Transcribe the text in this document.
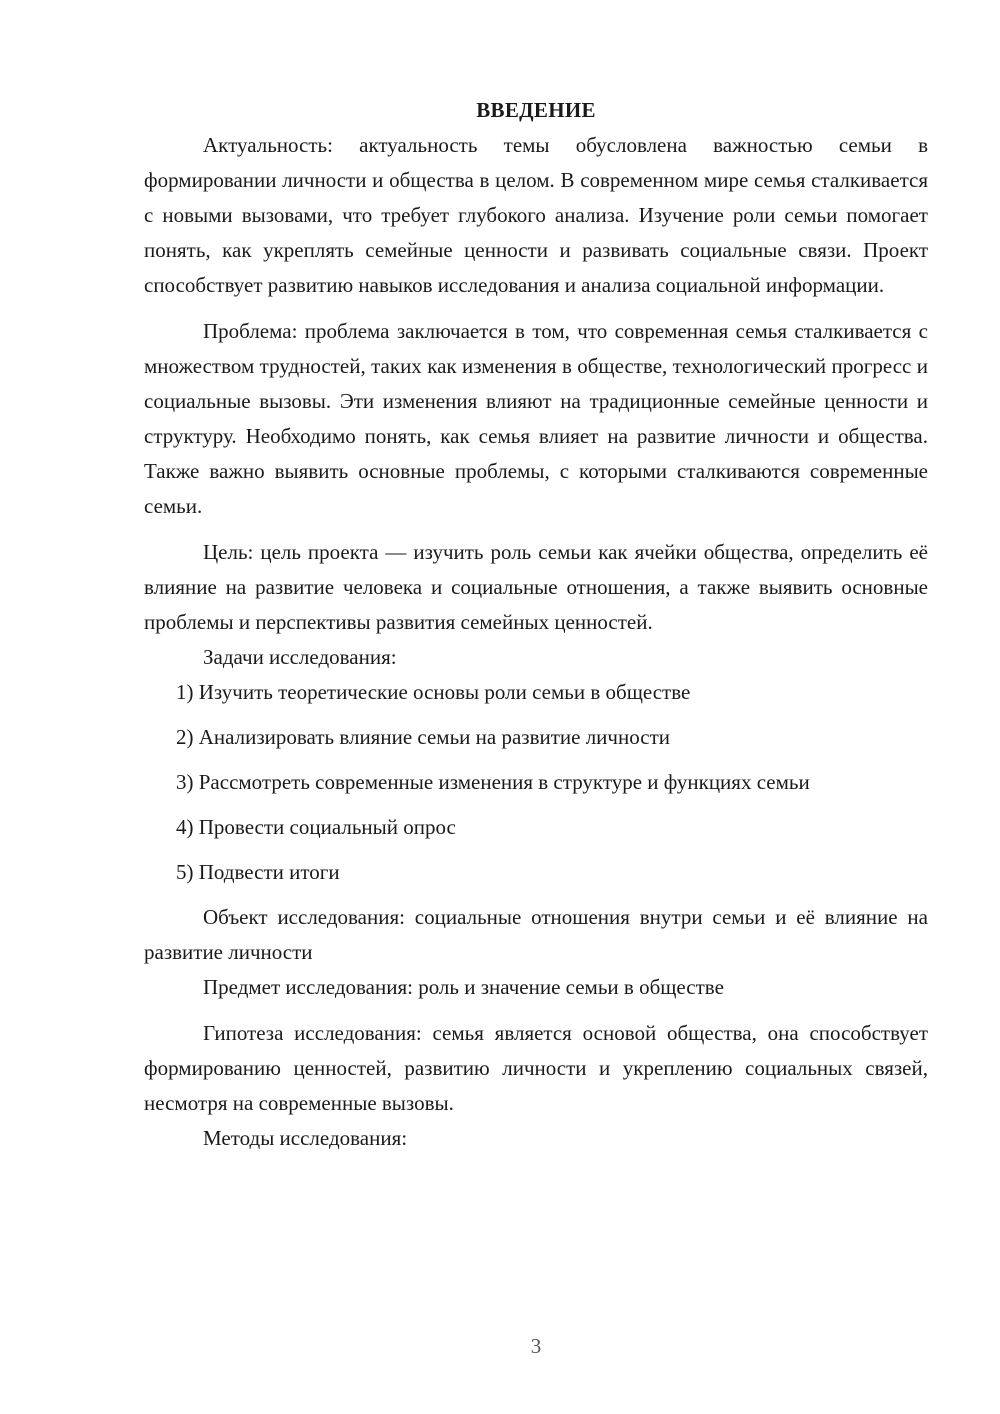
ВВЕДЕНИЕ

Актуальность: актуальность темы обусловлена важностью семьи в формировании личности и общества в целом. В современном мире семья сталкивается с новыми вызовами, что требует глубокого анализа. Изучение роли семьи помогает понять, как укреплять семейные ценности и развивать социальные связи. Проект способствует развитию навыков исследования и анализа социальной информации.

Проблема: проблема заключается в том, что современная семья сталкивается с множеством трудностей, таких как изменения в обществе, технологический прогресс и социальные вызовы. Эти изменения влияют на традиционные семейные ценности и структуру. Необходимо понять, как семья влияет на развитие личности и общества. Также важно выявить основные проблемы, с которыми сталкиваются современные семьи.

Цель: цель проекта — изучить роль семьи как ячейки общества, определить её влияние на развитие человека и социальные отношения, а также выявить основные проблемы и перспективы развития семейных ценностей.

Задачи исследования:

1) Изучить теоретические основы роли семьи в обществе
2) Анализировать влияние семьи на развитие личности
3) Рассмотреть современные изменения в структуре и функциях семьи
4) Провести социальный опрос
5) Подвести итоги

Объект исследования: социальные отношения внутри семьи и её влияние на развитие личности

Предмет исследования: роль и значение семьи в обществе

Гипотеза исследования: семья является основой общества, она способствует формированию ценностей, развитию личности и укреплению социальных связей, несмотря на современные вызовы.

Методы исследования:

3
